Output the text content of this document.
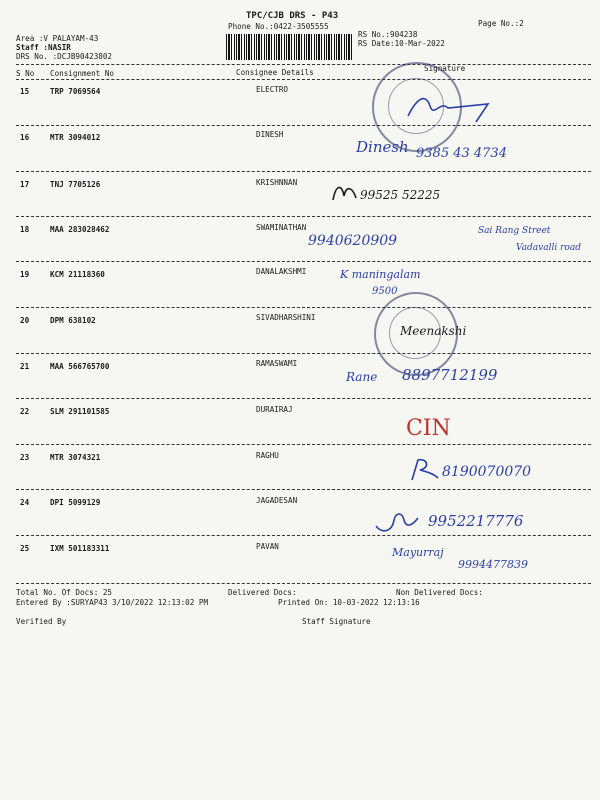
TPC/CJB DRS - P43
Phone No.:0422-3505555	Page No.:2
Area :V PALAYAM-43
Staff :NASIR
DRS No. :DCJB90423802
RS No.:904238
RS Date:10-Mar-2022
S No Consignment No	Consignee Details	Signature
15	TRP 7069564	ELECTRO
16	MTR 3094012	DINESH
17	TNJ 7705126	KRISHNNAN
18	MAA 283028462	SWAMINATHAN
19	KCM 21118360	DANALAKSHMI
20	DPM 638102	SIVADHARSHINI
21	MAA 566765700	RAMASWAMI
22	SLM 291101585	DURAIRAJ
23	MTR 3074321	RAGHU
24	DPI 5099129	JAGADESAN
25	IXM 501183311	PAVAN
Dinesh 9385 43 4734
99525 52225
9940620909
Sai Rang Street
Vadavalli road
K maningalam
9500
Meenakshi
Rane 8897712199
CIN
8190070070
9952217776
Mayurraj
9994477839
Total No. Of Docs: 25	Delivered Docs:	Non Delivered Docs:
Entered By :SURYAP43 3/10/2022 12:13:02 PM	Printed On: 10-03-2022 12:13:16
Verified By	Staff Signature
